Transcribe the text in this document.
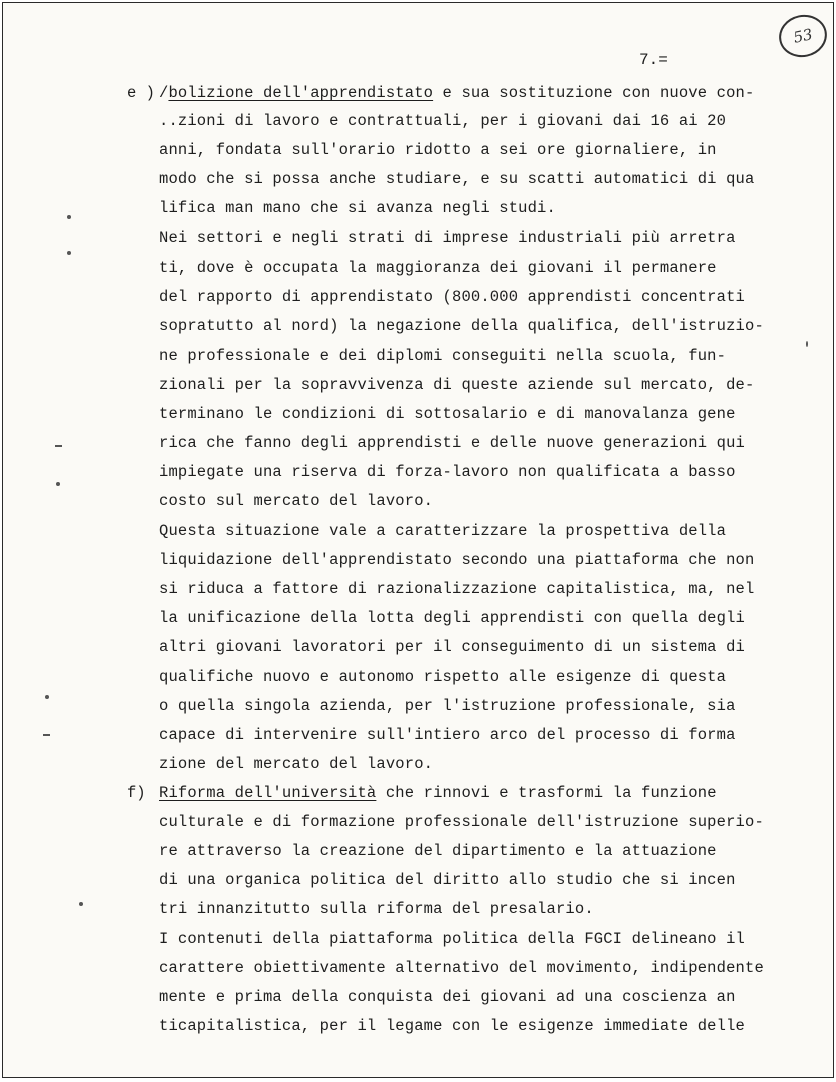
53
7.=
e ) /bolizione dell'apprendistato e sua sostituzione con nuove con-
..zioni di lavoro e contrattuali, per i giovani dai 16 ai 20
anni, fondata sull'orario ridotto a sei ore giornaliere, in
modo che si possa anche studiare, e su scatti automatici di qua
lifica man mano che si avanza negli studi.
Nei settori e negli strati di imprese industriali più arretra
ti, dove è occupata la maggioranza dei giovani il permanere
del rapporto di apprendistato (800.000 apprendisti concentrati
sopratutto al nord) la negazione della qualifica, dell'istruzio-
ne professionale e dei diplomi conseguiti nella scuola, fun-
zionali per la sopravvivenza di queste aziende sul mercato, de-
terminano le condizioni di sottosalario e di manovalanza gene
rica che fanno degli apprendisti e delle nuove generazioni qui
impiegate una riserva di forza-lavoro non qualificata a basso
costo sul mercato del lavoro.
Questa situazione vale a caratterizzare la prospettiva della
liquidazione dell'apprendistato secondo una piattaforma che non
si riduca a fattore di razionalizzazione capitalistica, ma, nel
la unificazione della lotta degli apprendisti con quella degli
altri giovani lavoratori per il conseguimento di un sistema di
qualifiche nuovo e autonomo rispetto alle esigenze di questa
o quella singola azienda, per l'istruzione professionale, sia
capace di intervenire sull'intiero arco del processo di forma
zione del mercato del lavoro.
f) Riforma dell'università che rinnovi e trasformi la funzione
culturale e di formazione professionale dell'istruzione superio-
re attraverso la creazione del dipartimento e la attuazione
di una organica politica del diritto allo studio che si incen
tri innanzitutto sulla riforma del presalario.
I contenuti della piattaforma politica della FGCI delineano il
carattere obiettivamente alternativo del movimento, indipendente
mente e prima della conquista dei giovani ad una coscienza an
ticapitalistica, per il legame con le esigenze immediate delle
